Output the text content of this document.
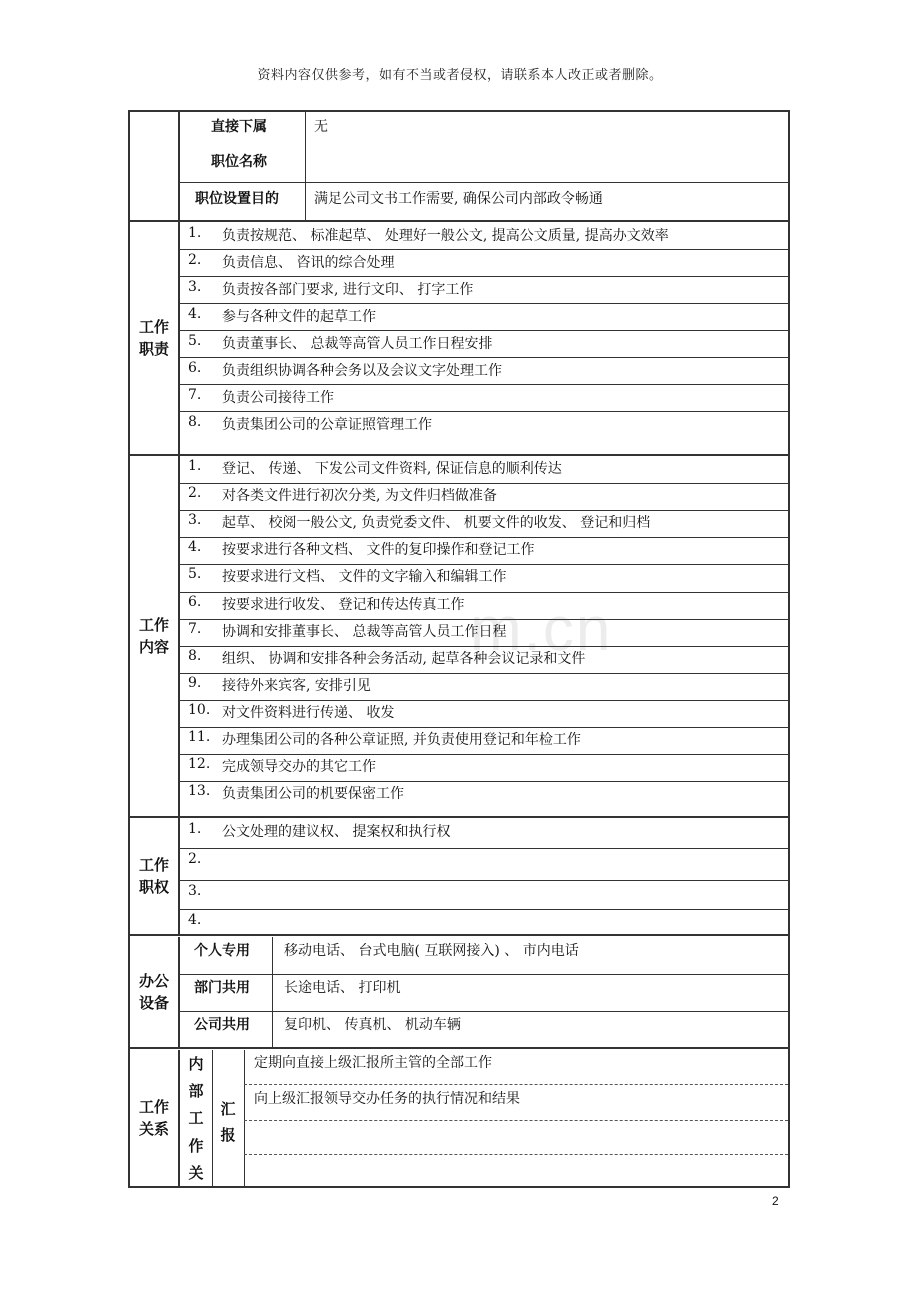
资料内容仅供参考，如有不当或者侵权，请联系本人改正或者删除。
m.cn
直接下属
职位名称
无
职位设置目的	满足公司文书工作需要, 确保公司内部政令畅通
工作
职责
1. 负责按规范、 标准起草、 处理好一般公文, 提高公文质量, 提高办文效率
2. 负责信息、 咨讯的综合处理
3. 负责按各部门要求, 进行文印、 打字工作
4. 参与各种文件的起草工作
5. 负责董事长、 总裁等高管人员工作日程安排
6. 负责组织协调各种会务以及会议文字处理工作
7. 负责公司接待工作
8. 负责集团公司的公章证照管理工作
工作
内容
1. 登记、 传递、 下发公司文件资料, 保证信息的顺利传达
2. 对各类文件进行初次分类, 为文件归档做准备
3. 起草、 校阅一般公文, 负责党委文件、 机要文件的收发、 登记和归档
4. 按要求进行各种文档、 文件的复印操作和登记工作
5. 按要求进行文档、 文件的文字输入和编辑工作
6. 按要求进行收发、 登记和传达传真工作
7. 协调和安排董事长、 总裁等高管人员工作日程
8. 组织、 协调和安排各种会务活动, 起草各种会议记录和文件
9. 接待外来宾客, 安排引见
10. 对文件资料进行传递、 收发
11. 办理集团公司的各种公章证照, 并负责使用登记和年检工作
12. 完成领导交办的其它工作
13. 负责集团公司的机要保密工作
工作
职权
1. 公文处理的建议权、 提案权和执行权
2.
3.
4.
办公
设备
个人专用 移动电话、 台式电脑( 互联网接入) 、 市内电话
部门共用 长途电话、 打印机
公司共用 复印机、 传真机、 机动车辆
工作
关系
内
部
工
作
关
汇
报
定期向直接上级汇报所主管的全部工作
向上级汇报领导交办任务的执行情况和结果
2
